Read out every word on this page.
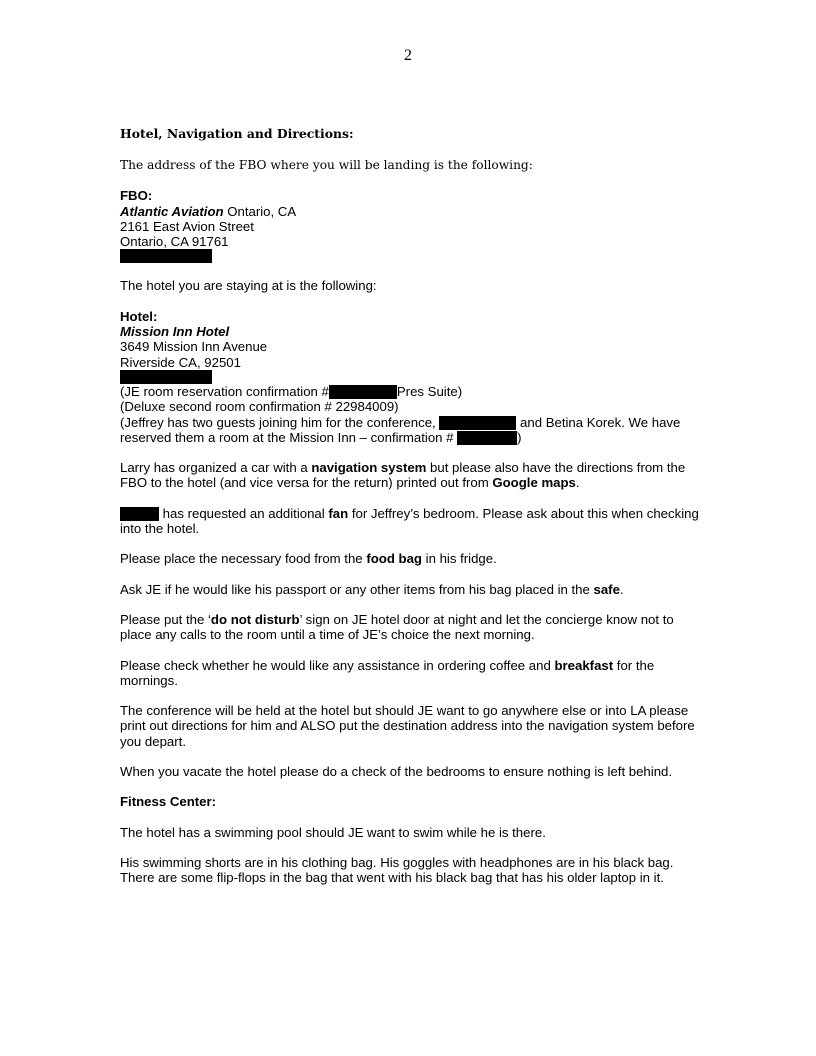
2
Hotel, Navigation and Directions:

The address of the FBO where you will be landing is the following:

FBO:

Atlantic Aviation Ontario, CA

2161 East Avion Street

Ontario, CA 91761

The hotel you are staying at is the following:

Hotel:

Mission Inn Hotel

3649 Mission Inn Avenue

Riverside CA, 92501

(JE room reservation confirmation #	Pres Suite)

(Deluxe second room confirmation # 22984009)

(Jeffrey has two guests joining him for the conference,	and Betina Korek. We have reserved them a room at the Mission Inn – confirmation #	)

Larry has organized a car with a navigation system but please also have the directions from the FBO to the hotel (and vice versa for the return) printed out from Google maps.

has requested an additional fan for Jeffrey’s bedroom. Please ask about this when checking into the hotel.

Please place the necessary food from the food bag in his fridge.

Ask JE if he would like his passport or any other items from his bag placed in the safe.

Please put the ‘do not disturb’ sign on JE hotel door at night and let the concierge know not to place any calls to the room until a time of JE’s choice the next morning.

Please check whether he would like any assistance in ordering coffee and breakfast for the mornings.

The conference will be held at the hotel but should JE want to go anywhere else or into LA please print out directions for him and ALSO put the destination address into the navigation system before you depart.

When you vacate the hotel please do a check of the bedrooms to ensure nothing is left behind.

Fitness Center:

The hotel has a swimming pool should JE want to swim while he is there.

His swimming shorts are in his clothing bag. His goggles with headphones are in his black bag. There are some flip-flops in the bag that went with his black bag that has his older laptop in it.
